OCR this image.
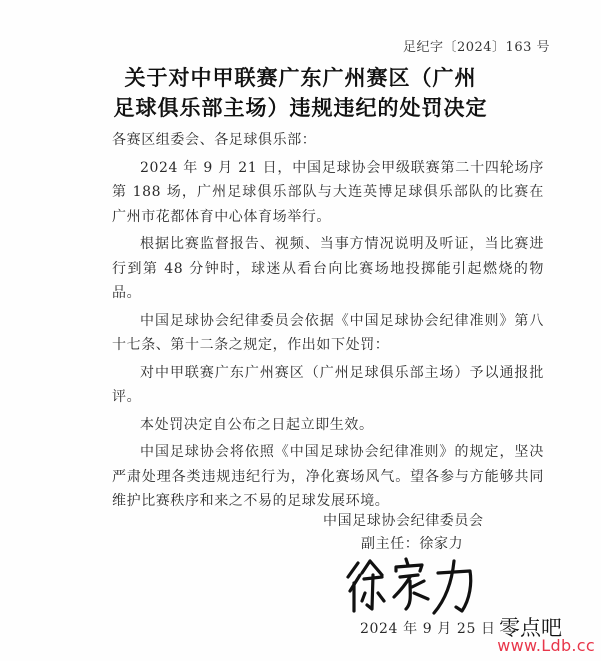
足纪字〔2024〕163 号
关于对中甲联赛广东广州赛区（广州
足球俱乐部主场）违规违纪的处罚决定

各赛区组委会、各足球俱乐部：

2024 年 9 月 21 日，中国足球协会甲级联赛第二十四轮场序第 188 场，广州足球俱乐部队与大连英博足球俱乐部队的比赛在广州市花都体育中心体育场举行。

根据比赛监督报告、视频、当事方情况说明及听证，当比赛进行到第 48 分钟时，球迷从看台向比赛场地投掷能引起燃烧的物品。

中国足球协会纪律委员会依据《中国足球协会纪律准则》第八十七条、第十二条之规定，作出如下处罚：

对中甲联赛广东广州赛区（广州足球俱乐部主场）予以通报批评。

本处罚决定自公布之日起立即生效。

中国足球协会将依照《中国足球协会纪律准则》的规定，坚决严肃处理各类违规违纪行为，净化赛场风气。望各参与方能够共同维护比赛秩序和来之不易的足球发展环境。

中国足球协会纪律委员会
副主任：徐家力
2024 年 9 月 25 日 零点吧
www.Ldb.cc
